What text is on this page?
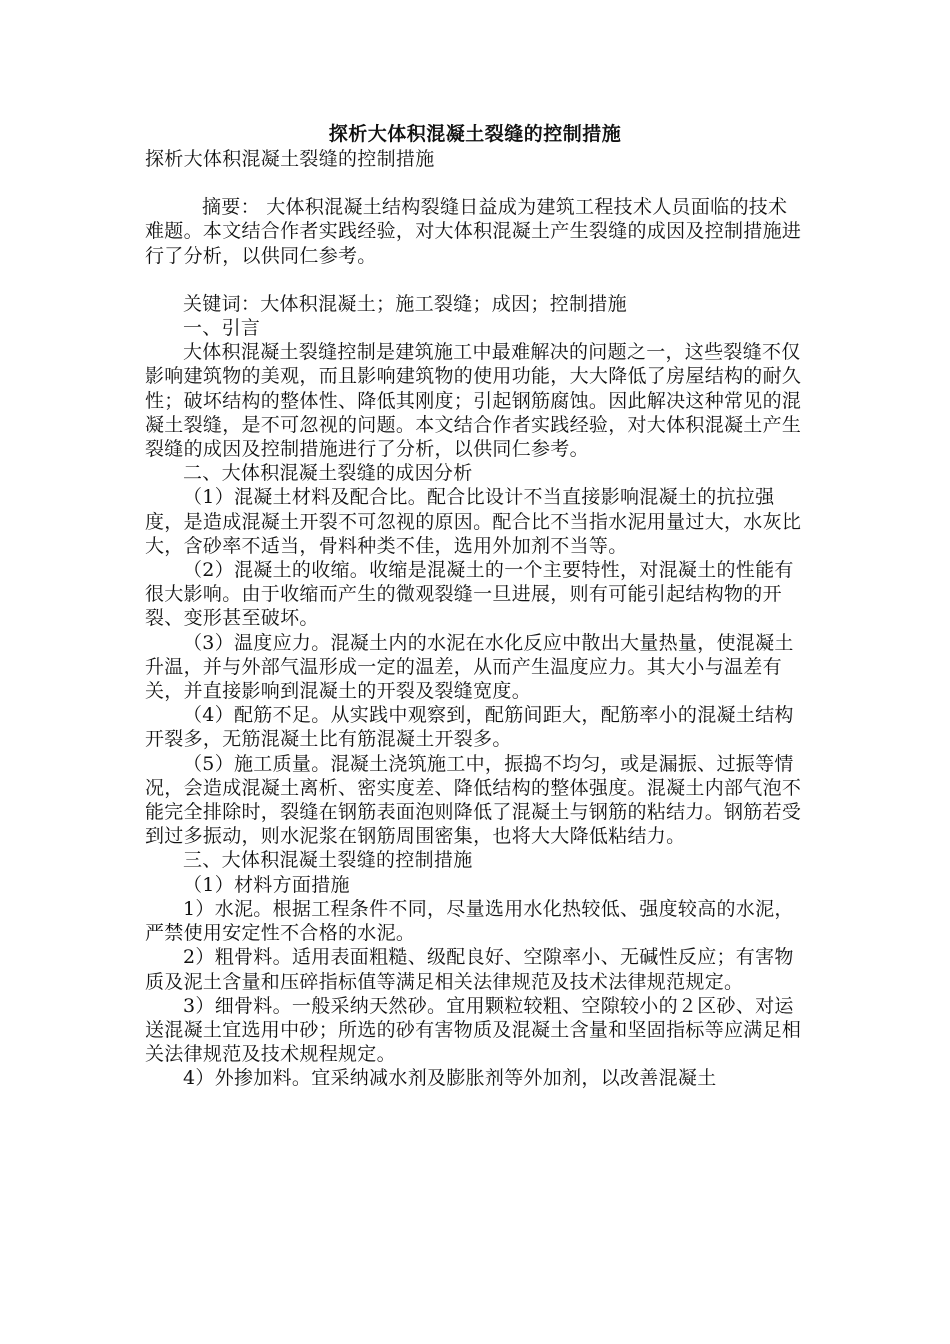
探析大体积混凝土裂缝的控制措施

探析大体积混凝土裂缝的控制措施

摘要： 大体积混凝土结构裂缝日益成为建筑工程技术人员面临的技术难题。本文结合作者实践经验，对大体积混凝土产生裂缝的成因及控制措施进行了分析，以供同仁参考。

关键词：大体积混凝土；施工裂缝；成因；控制措施

一、引言

大体积混凝土裂缝控制是建筑施工中最难解决的问题之一，这些裂缝不仅影响建筑物的美观，而且影响建筑物的使用功能，大大降低了房屋结构的耐久性；破坏结构的整体性、降低其刚度；引起钢筋腐蚀。因此解决这种常见的混凝土裂缝，是不可忽视的问题。本文结合作者实践经验，对大体积混凝土产生裂缝的成因及控制措施进行了分析，以供同仁参考。

二、大体积混凝土裂缝的成因分析

（1）混凝土材料及配合比。配合比设计不当直接影响混凝土的抗拉强度，是造成混凝土开裂不可忽视的原因。配合比不当指水泥用量过大，水灰比大，含砂率不适当，骨料种类不佳，选用外加剂不当等。

（2）混凝土的收缩。收缩是混凝土的一个主要特性，对混凝土的性能有很大影响。由于收缩而产生的微观裂缝一旦进展，则有可能引起结构物的开裂、变形甚至破坏。

（3）温度应力。混凝土内的水泥在水化反应中散出大量热量，使混凝土升温，并与外部气温形成一定的温差，从而产生温度应力。其大小与温差有关，并直接影响到混凝土的开裂及裂缝宽度。

（4）配筋不足。从实践中观察到，配筋间距大，配筋率小的混凝土结构开裂多，无筋混凝土比有筋混凝土开裂多。

（5）施工质量。混凝土浇筑施工中，振捣不均匀，或是漏振、过振等情况，会造成混凝土离析、密实度差、降低结构的整体强度。混凝土内部气泡不能完全排除时，裂缝在钢筋表面泡则降低了混凝土与钢筋的粘结力。钢筋若受到过多振动，则水泥浆在钢筋周围密集，也将大大降低粘结力。

三、大体积混凝土裂缝的控制措施

（1）材料方面措施

1）水泥。根据工程条件不同，尽量选用水化热较低、强度较高的水泥，严禁使用安定性不合格的水泥。

2）粗骨料。适用表面粗糙、级配良好、空隙率小、无碱性反应；有害物质及泥土含量和压碎指标值等满足相关法律规范及技术法律规范规定。

3）细骨料。一般采纳天然砂。宜用颗粒较粗、空隙较小的２区砂、对运送混凝土宜选用中砂；所选的砂有害物质及混凝土含量和坚固指标等应满足相关法律规范及技术规程规定。

4）外掺加料。宜采纳减水剂及膨胀剂等外加剂，以改善混凝土
